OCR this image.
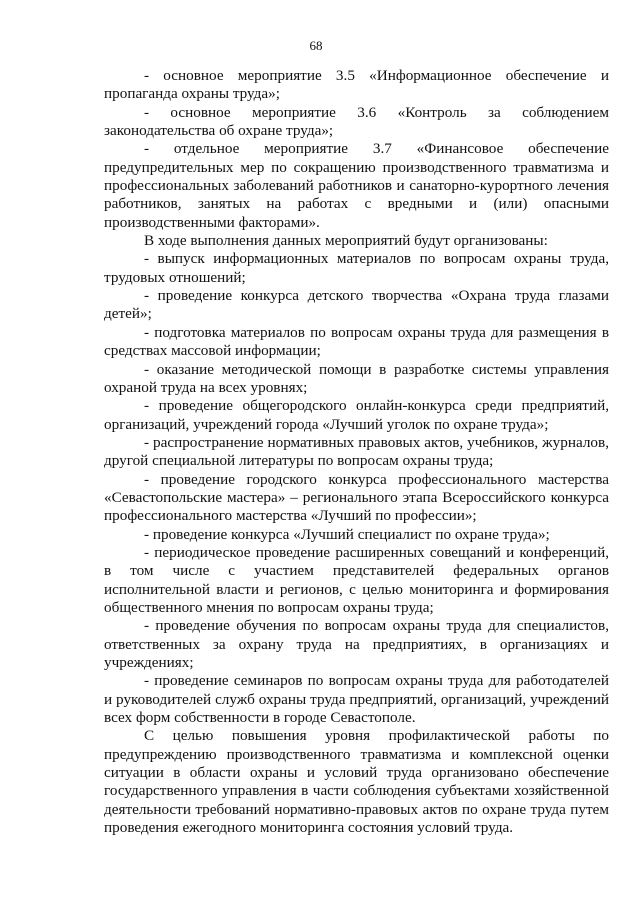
68

- основное мероприятие 3.5 «Информационное обеспечение и пропаганда охраны труда»;

- основное мероприятие 3.6 «Контроль за соблюдением законодательства об охране труда»;

- отдельное мероприятие 3.7 «Финансовое обеспечение предупредительных мер по сокращению производственного травматизма и профессиональных заболеваний работников и санаторно-курортного лечения работников, занятых на работах с вредными и (или) опасными производственными факторами».

В ходе выполнения данных мероприятий будут организованы:

- выпуск информационных материалов по вопросам охраны труда, трудовых отношений;

- проведение конкурса детского творчества «Охрана труда глазами детей»;

- подготовка материалов по вопросам охраны труда для размещения в средствах массовой информации;

- оказание методической помощи в разработке системы управления охраной труда на всех уровнях;

- проведение общегородского онлайн-конкурса среди предприятий, организаций, учреждений города «Лучший уголок по охране труда»;

- распространение нормативных правовых актов, учебников, журналов, другой специальной литературы по вопросам охраны труда;

- проведение городского конкурса профессионального мастерства «Севастопольские мастера» – регионального этапа Всероссийского конкурса профессионального мастерства «Лучший по профессии»;

- проведение конкурса «Лучший специалист по охране труда»;

- периодическое проведение расширенных совещаний и конференций, в том числе с участием представителей федеральных органов исполнительной власти и регионов, с целью мониторинга и формирования общественного мнения по вопросам охраны труда;

- проведение обучения по вопросам охраны труда для специалистов, ответственных за охрану труда на предприятиях, в организациях и учреждениях;

- проведение семинаров по вопросам охраны труда для работодателей и руководителей служб охраны труда предприятий, организаций, учреждений всех форм собственности в городе Севастополе.

С целью повышения уровня профилактической работы по предупреждению производственного травматизма и комплексной оценки ситуации в области охраны и условий труда организовано обеспечение государственного управления в части соблюдения субъектами хозяйственной деятельности требований нормативно-правовых актов по охране труда путем проведения ежегодного мониторинга состояния условий труда.
